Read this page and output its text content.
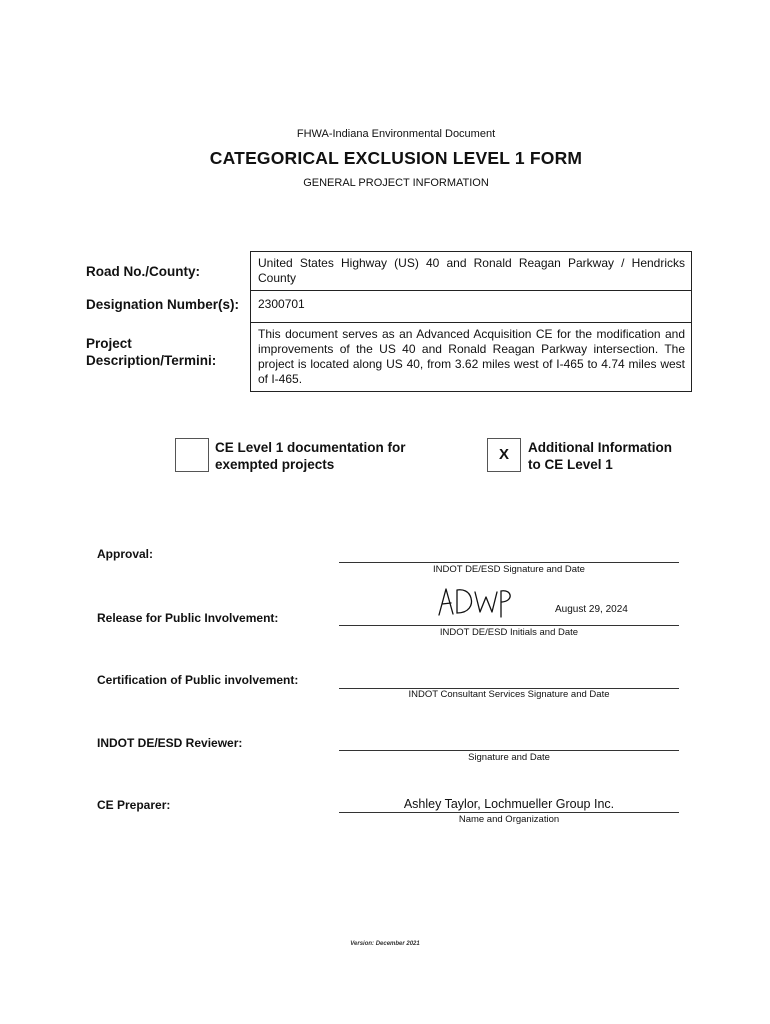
FHWA-Indiana Environmental Document
CATEGORICAL EXCLUSION LEVEL 1 FORM
GENERAL PROJECT INFORMATION
Road No./County:
Designation Number(s):
Project
Description/Termini:
United States Highway (US) 40 and Ronald Reagan Parkway / Hendricks County
2300701
This document serves as an Advanced Acquisition CE for the modification and improvements of the US 40 and Ronald Reagan Parkway intersection. The project is located along US 40, from 3.62 miles west of I-465 to 4.74 miles west of I-465.
CE Level 1 documentation for
exempted projects
X	Additional Information
to CE Level 1
Approval:
INDOT DE/ESD Signature and Date
Release for Public Involvement:
August 29, 2024
INDOT DE/ESD Initials and Date
Certification of Public involvement:
INDOT Consultant Services Signature and Date
INDOT DE/ESD Reviewer:
Signature and Date
CE Preparer:	Ashley Taylor, Lochmueller Group Inc.
Name and Organization
Version: December 2021
